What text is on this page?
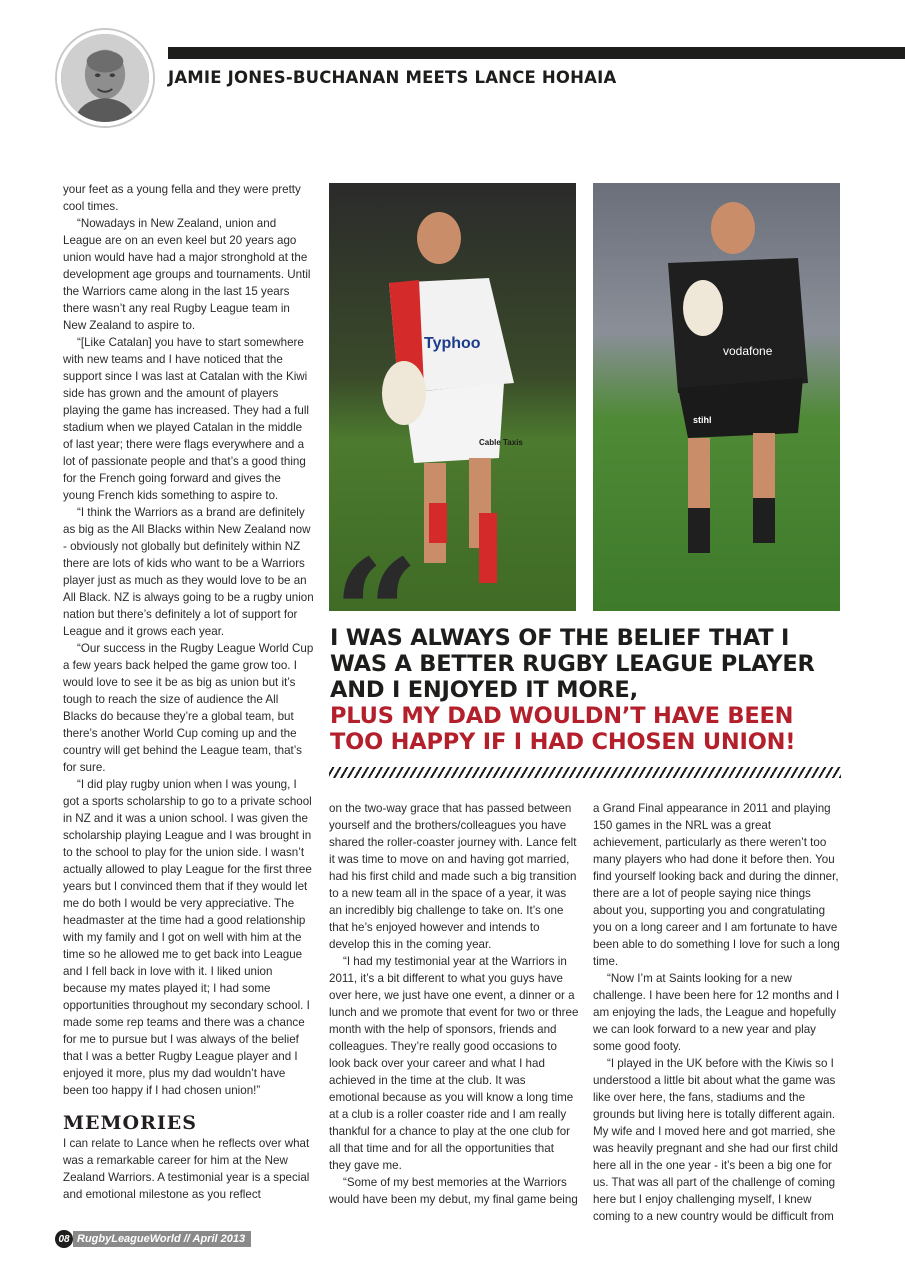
JAMIE JONES-BUCHANAN MEETS LANCE HOHAIA

your feet as a young fella and they were pretty cool times.

“Nowadays in New Zealand, union and League are on an even keel but 20 years ago union would have had a major stronghold at the development age groups and tournaments. Until the Warriors came along in the last 15 years there wasn’t any real Rugby League team in New Zealand to aspire to.

“[Like Catalan] you have to start somewhere with new teams and I have noticed that the support since I was last at Catalan with the Kiwi side has grown and the amount of players playing the game has increased. They had a full stadium when we played Catalan in the middle of last year; there were flags everywhere and a lot of passionate people and that’s a good thing for the French going forward and gives the young French kids something to aspire to.

“I think the Warriors as a brand are definitely as big as the All Blacks within New Zealand now - obviously not globally but definitely within NZ there are lots of kids who want to be a Warriors player just as much as they would love to be an All Black. NZ is always going to be a rugby union nation but there’s definitely a lot of support for League and it grows each year.

“Our success in the Rugby League World Cup a few years back helped the game grow too. I would love to see it be as big as union but it’s tough to reach the size of audience the All Blacks do because they’re a global team, but there’s another World Cup coming up and the country will get behind the League team, that’s for sure.

“I did play rugby union when I was young, I got a sports scholarship to go to a private school in NZ and it was a union school. I was given the scholarship playing League and I was brought in to the school to play for the union side. I wasn’t actually allowed to play League for the first three years but I convinced them that if they would let me do both I would be very appreciative. The headmaster at the time had a good relationship with my family and I got on well with him at the time so he allowed me to get back into League and I fell back in love with it. I liked union because my mates played it; I had some opportunities throughout my secondary school. I made some rep teams and there was a chance for me to pursue but I was always of the belief that I was a better Rugby League player and I enjoyed it more, plus my dad wouldn’t have been too happy if I had chosen union!”

MEMORIES

I can relate to Lance when he reflects over what was a remarkable career for him at the New Zealand Warriors. A testimonial year is a special and emotional milestone as you reflect

Typhoo
Cable Taxis
vodafone
stihl
“
I WAS ALWAYS OF THE BELIEF THAT I WAS A BETTER RUGBY LEAGUE PLAYER AND I ENJOYED IT MORE,
PLUS MY DAD WOULDN’T HAVE BEEN TOO HAPPY IF I HAD CHOSEN UNION!

on the two-way grace that has passed between yourself and the brothers/colleagues you have shared the roller-coaster journey with. Lance felt it was time to move on and having got married, had his first child and made such a big transition to a new team all in the space of a year, it was an incredibly big challenge to take on. It’s one that he’s enjoyed however and intends to develop this in the coming year.

“I had my testimonial year at the Warriors in 2011, it’s a bit different to what you guys have over here, we just have one event, a dinner or a lunch and we promote that event for two or three month with the help of sponsors, friends and colleagues. They’re really good occasions to look back over your career and what I had achieved in the time at the club. It was emotional because as you will know a long time at a club is a roller coaster ride and I am really thankful for a chance to play at the one club for all that time and for all the opportunities that they gave me.

“Some of my best memories at the Warriors would have been my debut, my final game being

a Grand Final appearance in 2011 and playing 150 games in the NRL was a great achievement, particularly as there weren’t too many players who had done it before then. You find yourself looking back and during the dinner, there are a lot of people saying nice things about you, supporting you and congratulating you on a long career and I am fortunate to have been able to do something I love for such a long time.

“Now I’m at Saints looking for a new challenge. I have been here for 12 months and I am enjoying the lads, the League and hopefully we can look forward to a new year and play some good footy.

“I played in the UK before with the Kiwis so I understood a little bit about what the game was like over here, the fans, stadiums and the grounds but living here is totally different again. My wife and I moved here and got married, she was heavily pregnant and she had our first child here all in the one year - it’s been a big one for us. That was all part of the challenge of coming here but I enjoy challenging myself, I knew coming to a new country would be difficult from

08 RugbyLeagueWorld // April 2013
